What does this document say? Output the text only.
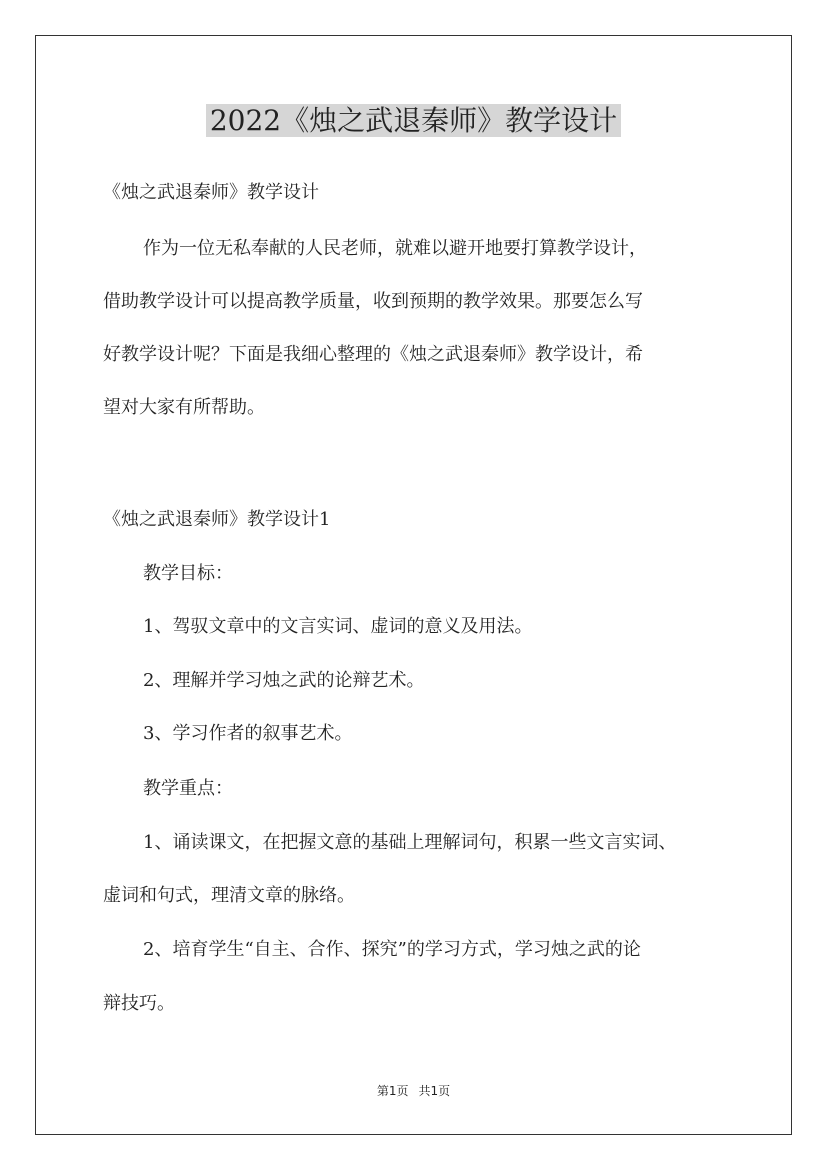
2022《烛之武退秦师》教学设计
《烛之武退秦师》教学设计
作为一位无私奉献的人民老师，就难以避开地要打算教学设计，
借助教学设计可以提高教学质量，收到预期的教学效果。那要怎么写
好教学设计呢？下面是我细心整理的《烛之武退秦师》教学设计，希
望对大家有所帮助。
《烛之武退秦师》教学设计1
教学目标：
1、驾驭文章中的文言实词、虚词的意义及用法。
2、理解并学习烛之武的论辩艺术。
3、学习作者的叙事艺术。
教学重点：
1、诵读课文，在把握文意的基础上理解词句，积累一些文言实词、
虚词和句式，理清文章的脉络。
2、培育学生“自主、合作、探究”的学习方式，学习烛之武的论
辩技巧。
第1页 共1页
